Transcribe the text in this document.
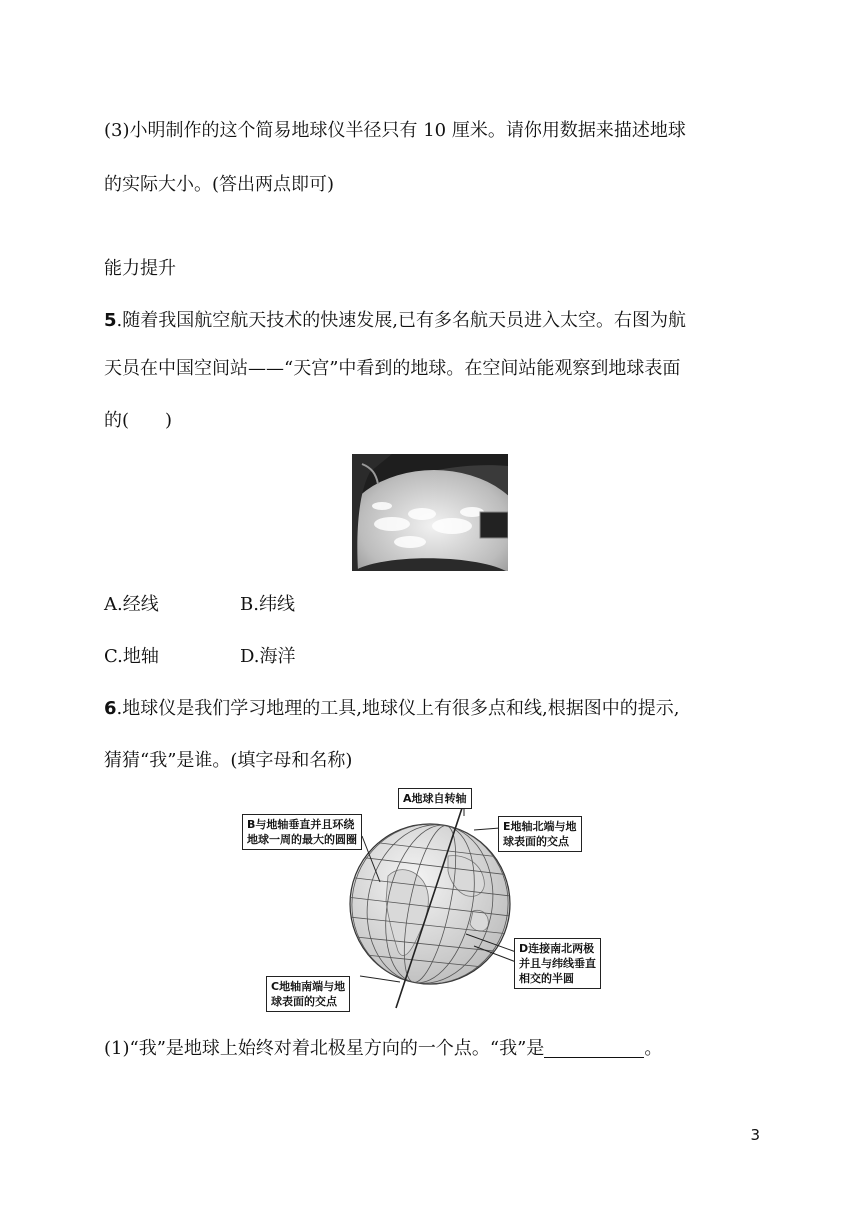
(3)小明制作的这个简易地球仪半径只有 10 厘米。请你用数据来描述地球
的实际大小。(答出两点即可)
能力提升
5.随着我国航空航天技术的快速发展,已有多名航天员进入太空。右图为航
天员在中国空间站——“天宫”中看到的地球。在空间站能观察到地球表面
的(　　)
A.经线	B.纬线
C.地轴	D.海洋
6.地球仪是我们学习地理的工具,地球仪上有很多点和线,根据图中的提示,
猜猜“我”是谁。(填字母和名称)
A地球自转轴
B与地轴垂直并且环绕
地球一周的最大的圆圈
E地轴北端与地
球表面的交点
D连接南北两极
并且与纬线垂直
相交的半圆
C地轴南端与地
球表面的交点
(1)“我”是地球上始终对着北极星方向的一个点。“我”是	。
3
